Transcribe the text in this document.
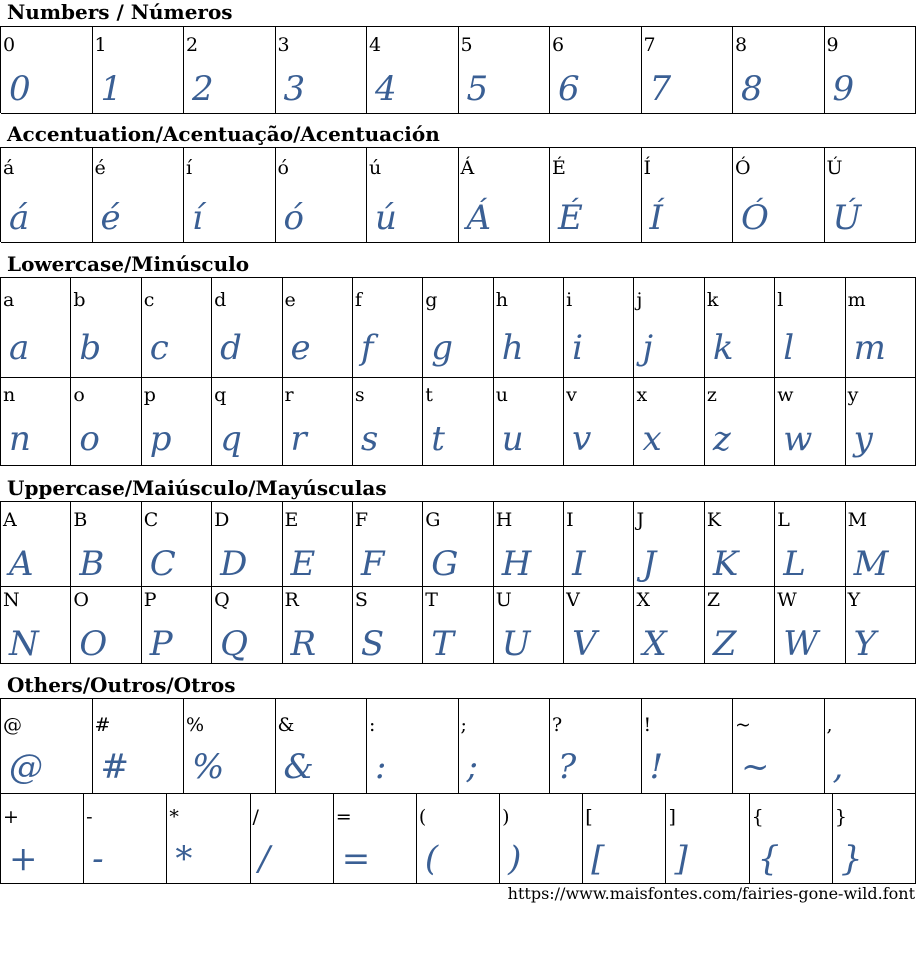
Numbers / Números
0
0
1
1
2
2
3
3
4
4
5
5
6
6
7
7
8
8
9
9
Accentuation/Acentuação/Acentuación
á
á
é
é
í
í
ó
ó
ú
ú
Á
Á
É
É
Í
Í
Ó
Ó
Ú
Ú
Lowercase/Minúsculo
a
a
b
b
c
c
d
d
e
e
f
f
g
g
h
h
i
i
j
j
k
k
l
l
m
m
n
n
o
o
p
p
q
q
r
r
s
s
t
t
u
u
v
v
x
x
z
z
w
w
y
y
Uppercase/Maiúsculo/Mayúsculas
A
A
B
B
C
C
D
D
E
E
F
F
G
G
H
H
I
I
J
J
K
K
L
L
M
M
N
N
O
O
P
P
Q
Q
R
R
S
S
T
T
U
U
V
V
X
X
Z
Z
W
W
Y
Y
Others/Outros/Otros
@
@
#
#
%
%
&
&
:
:
;
;
?
?
!
!
~
~
,
,
+
+
-
-
*
*
/
/
=
=
(
(
)
)
[
[
]
]
{
{
}
}
https://www.maisfontes.com/fairies-gone-wild.font
